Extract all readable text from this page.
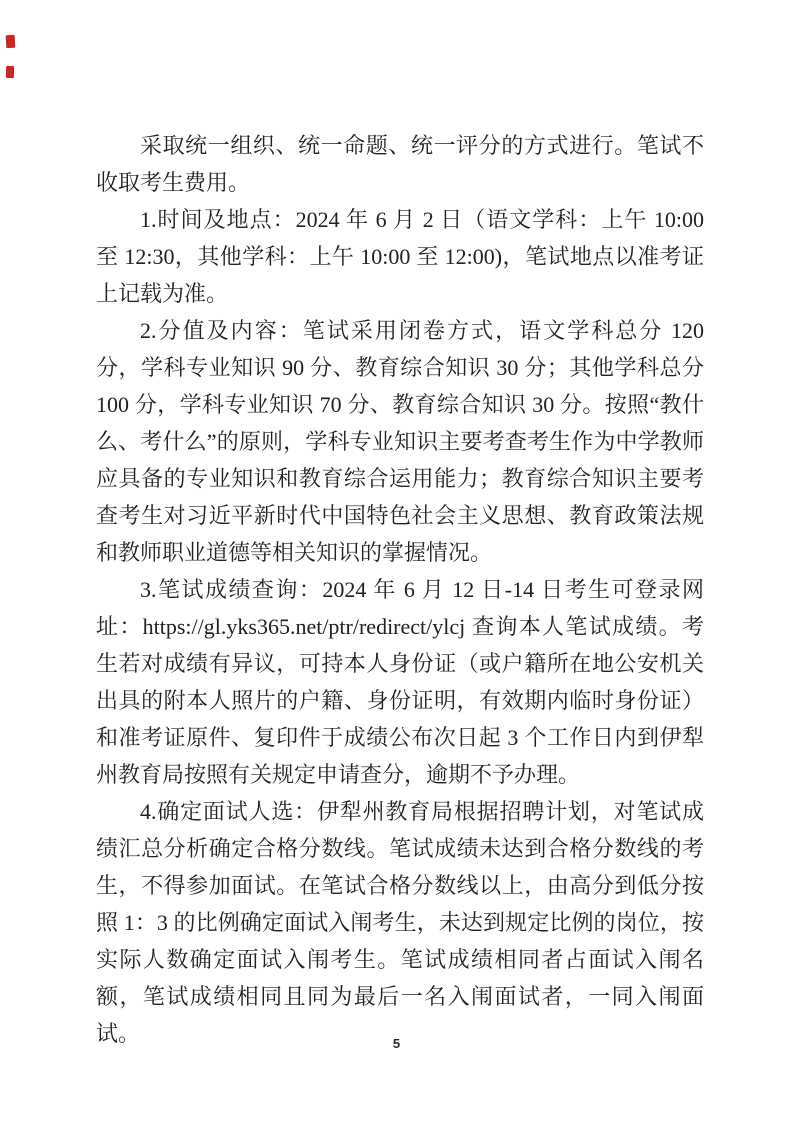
采取统一组织、统一命题、统一评分的方式进行。笔试不收取考生费用。

1.时间及地点：2024 年 6 月 2 日（语文学科：上午 10:00 至 12:30，其他学科：上午 10:00 至 12:00)，笔试地点以准考证上记载为准。

2.分值及内容：笔试采用闭卷方式，语文学科总分 120 分，学科专业知识 90 分、教育综合知识 30 分；其他学科总分 100 分，学科专业知识 70 分、教育综合知识 30 分。按照“教什么、考什么”的原则，学科专业知识主要考查考生作为中学教师应具备的专业知识和教育综合运用能力；教育综合知识主要考查考生对习近平新时代中国特色社会主义思想、教育政策法规和教师职业道德等相关知识的掌握情况。

3.笔试成绩查询：2024 年 6 月 12 日-14 日考生可登录网址：https://gl.yks365.net/ptr/redirect/ylcj 查询本人笔试成绩。考生若对成绩有异议，可持本人身份证（或户籍所在地公安机关出具的附本人照片的户籍、身份证明，有效期内临时身份证）和准考证原件、复印件于成绩公布次日起 3 个工作日内到伊犁州教育局按照有关规定申请查分，逾期不予办理。

4.确定面试人选：伊犁州教育局根据招聘计划，对笔试成绩汇总分析确定合格分数线。笔试成绩未达到合格分数线的考生，不得参加面试。在笔试合格分数线以上，由高分到低分按照 1：3 的比例确定面试入闱考生，未达到规定比例的岗位，按实际人数确定面试入闱考生。笔试成绩相同者占面试入闱名额，笔试成绩相同且同为最后一名入闱面试者，一同入闱面试。	5
